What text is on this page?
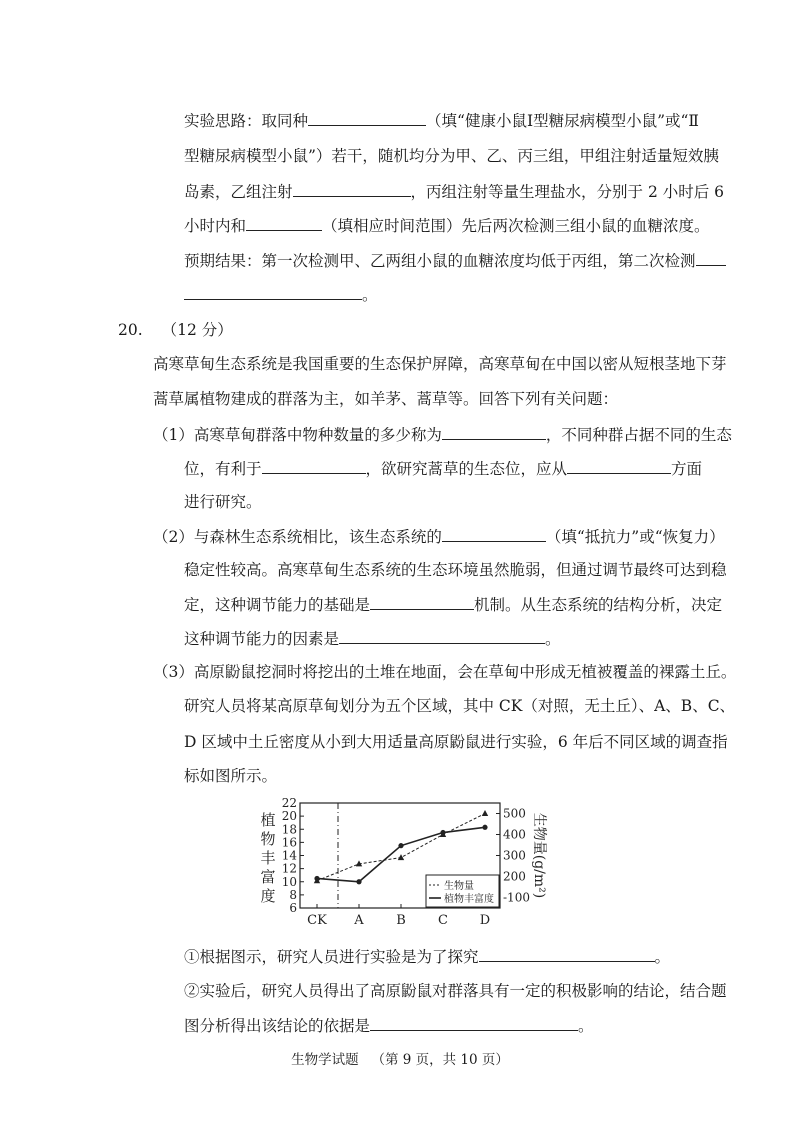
实验思路：取同种	（填“健康小鼠Ⅰ型糖尿病模型小鼠”或“Ⅱ
型糖尿病模型小鼠”）若干，随机均分为甲、乙、丙三组，甲组注射适量短效胰
岛素，乙组注射	，丙组注射等量生理盐水，分别于 2 小时后 6
小时内和	（填相应时间范围）先后两次检测三组小鼠的血糖浓度。
预期结果：第一次检测甲、乙两组小鼠的血糖浓度均低于丙组，第二次检测
。
20. （12 分）
高寒草甸生态系统是我国重要的生态保护屏障，高寒草甸在中国以密从短根茎地下芽
蒿草属植物建成的群落为主，如羊茅、蒿草等。回答下列有关问题：
（1）高寒草甸群落中物种数量的多少称为	，不同种群占据不同的生态
位，有利于	，欲研究蒿草的生态位，应从	方面
进行研究。
（2）与森林生态系统相比，该生态系统的	（填“抵抗力”或“恢复力）
稳定性较高。高寒草甸生态系统的生态环境虽然脆弱，但通过调节最终可达到稳
定，这种调节能力的基础是	机制。从生态系统的结构分析，决定
这种调节能力的因素是	。
（3）高原鼢鼠挖洞时将挖出的土堆在地面，会在草甸中形成无植被覆盖的裸露土丘。
研究人员将某高原草甸划分为五个区域，其中 CK（对照，无土丘）、A、B、C、
D 区域中土丘密度从小到大用适量高原鼢鼠进行实验，6 年后不同区域的调查指
标如图所示。
6
8
10
12
14
16
18
20
22
-100
200
300
400
500
CK A	B C D
植
物
丰
富
度	生物量(g/m²)
生物量
植物丰富度
①根据图示，研究人员进行实验是为了探究	。
②实验后，研究人员得出了高原鼢鼠对群落具有一定的积极影响的结论，结合题
图分析得出该结论的依据是	。
生物学试题 （第 9 页，共 10 页）
